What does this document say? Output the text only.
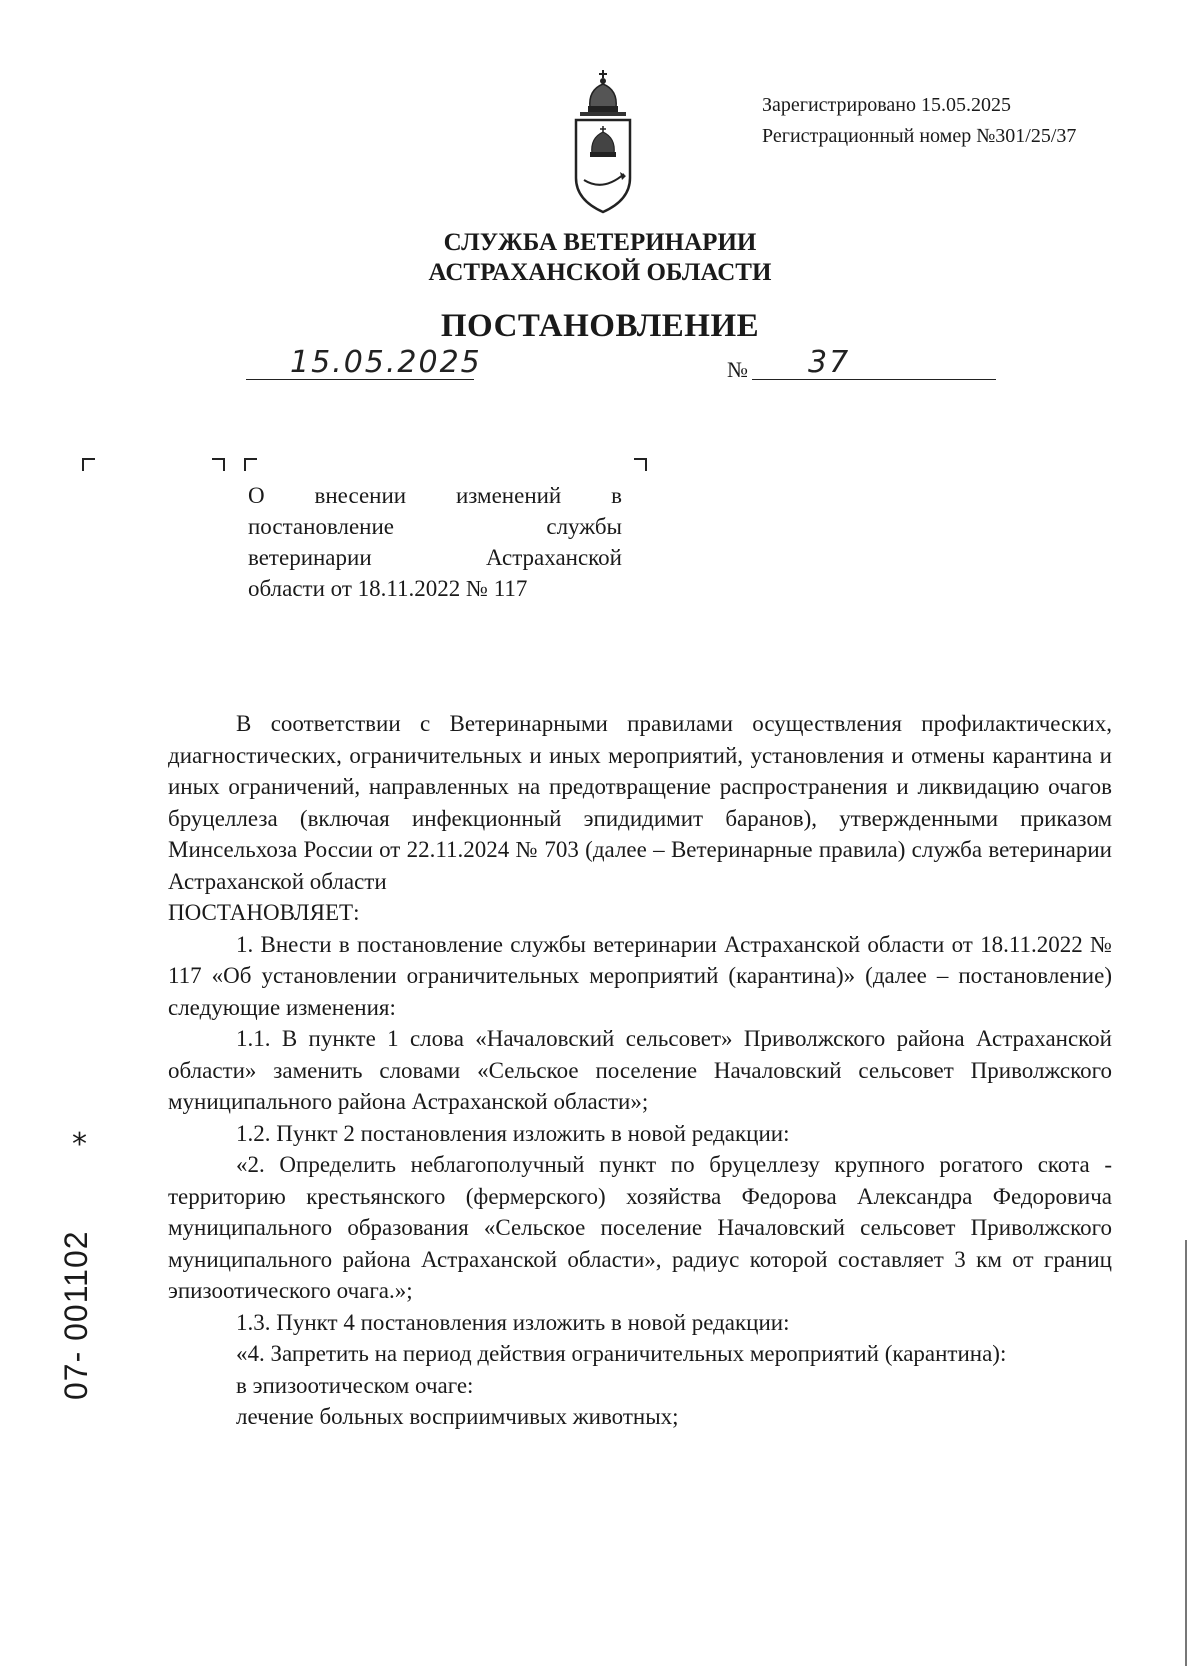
Зарегистрировано 15.05.2025
Регистрационный номер №301/25/37
СЛУЖБА ВЕТЕРИНАРИИ
АСТРАХАНСКОЙ ОБЛАСТИ
ПОСТАНОВЛЕНИЕ
15.05.2025	№ 37

О внесении изменений в

постановление службы

ветеринарии Астраханской

области от 18.11.2022 № 117

В соответствии с Ветеринарными правилами осуществления профилактических, диагностических, ограничительных и иных мероприятий, установления и отмены карантина и иных ограничений, направленных на предотвращение распространения и ликвидацию очагов бруцеллеза (включая инфекционный эпидидимит баранов), утвержденными приказом Минсельхоза России от 22.11.2024 № 703 (далее – Ветеринарные правила) служба ветеринарии Астраханской области

ПОСТАНОВЛЯЕТ:

1. Внести в постановление службы ветеринарии Астраханской области от 18.11.2022 № 117 «Об установлении ограничительных мероприятий (карантина)» (далее – постановление) следующие изменения:

1.1. В пункте 1 слова «Началовский сельсовет» Приволжского района Астраханской области» заменить словами «Сельское поселение Началовский сельсовет Приволжского муниципального района Астраханской области»;

1.2. Пункт 2 постановления изложить в новой редакции:

«2. Определить неблагополучный пункт по бруцеллезу крупного рогатого скота - территорию крестьянского (фермерского) хозяйства Федорова Александра Федоровича муниципального образования «Сельское поселение Началовский сельсовет Приволжского муниципального района Астраханской области», радиус которой составляет 3 км от границ эпизоотического очага.»;

1.3. Пункт 4 постановления изложить в новой редакции:

«4. Запретить на период действия ограничительных мероприятий (карантина):

в эпизоотическом очаге:

лечение больных восприимчивых животных;

*
07- 001102
